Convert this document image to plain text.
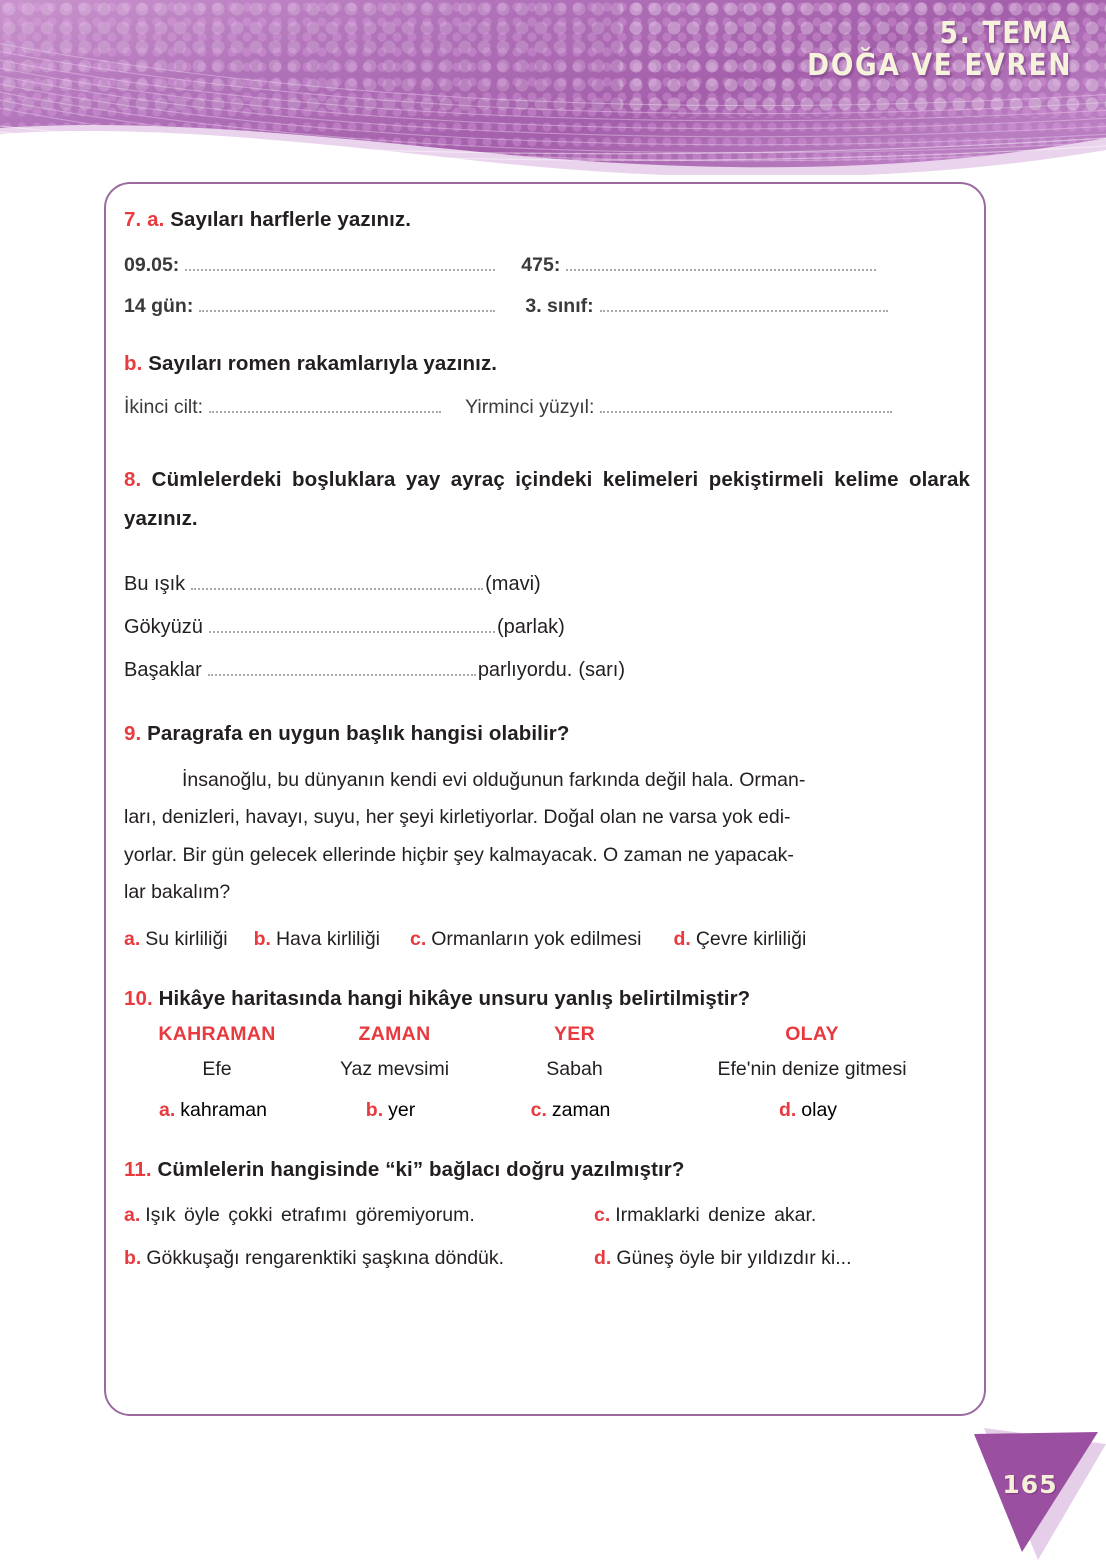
5. TEMA
DOĞA VE EVREN
7. a. Sayıları harflerle yazınız.
09.05:	475:
14 gün:	3. sınıf:
b. Sayıları romen rakamlarıyla yazınız.
İkinci cilt:	Yirminci yüzyıl:
8. Cümlelerdeki boşluklara yay ayraç içindeki kelimeleri pekiştirmeli kelime olarak yazınız.
Bu ışık	(mavi)
Gökyüzü	(parlak)
Başaklar	parlıyordu. (sarı)
9. Paragrafa en uygun başlık hangisi olabilir?
İnsanoğlu, bu dünyanın kendi evi olduğunun farkında değil hala. Orman-
ları, denizleri, havayı, suyu, her şeyi kirletiyorlar. Doğal olan ne varsa yok edi-
yorlar. Bir gün gelecek ellerinde hiçbir şey kalmayacak. O zaman ne yapacak-
lar bakalım?
a. Su kirliliği b. Hava kirliliği c. Ormanların yok edilmesi d. Çevre kirliliği
10. Hikâye haritasında hangi hikâye unsuru yanlış belirtilmiştir?
KAHRAMAN	ZAMAN	YER	OLAY
Efe	Yaz mevsimi	Sabah	Efe'nin denize gitmesi
a. kahraman	b. yer	c. zaman	d. olay
11. Cümlelerin hangisinde “ki” bağlacı doğru yazılmıştır?
a. Işık öyle çokki etrafımı göremiyorum.	c. Irmaklarki denize akar.
b. Gökkuşağı rengarenktiki şaşkına döndük.	d. Güneş öyle bir yıldızdır ki...
165
